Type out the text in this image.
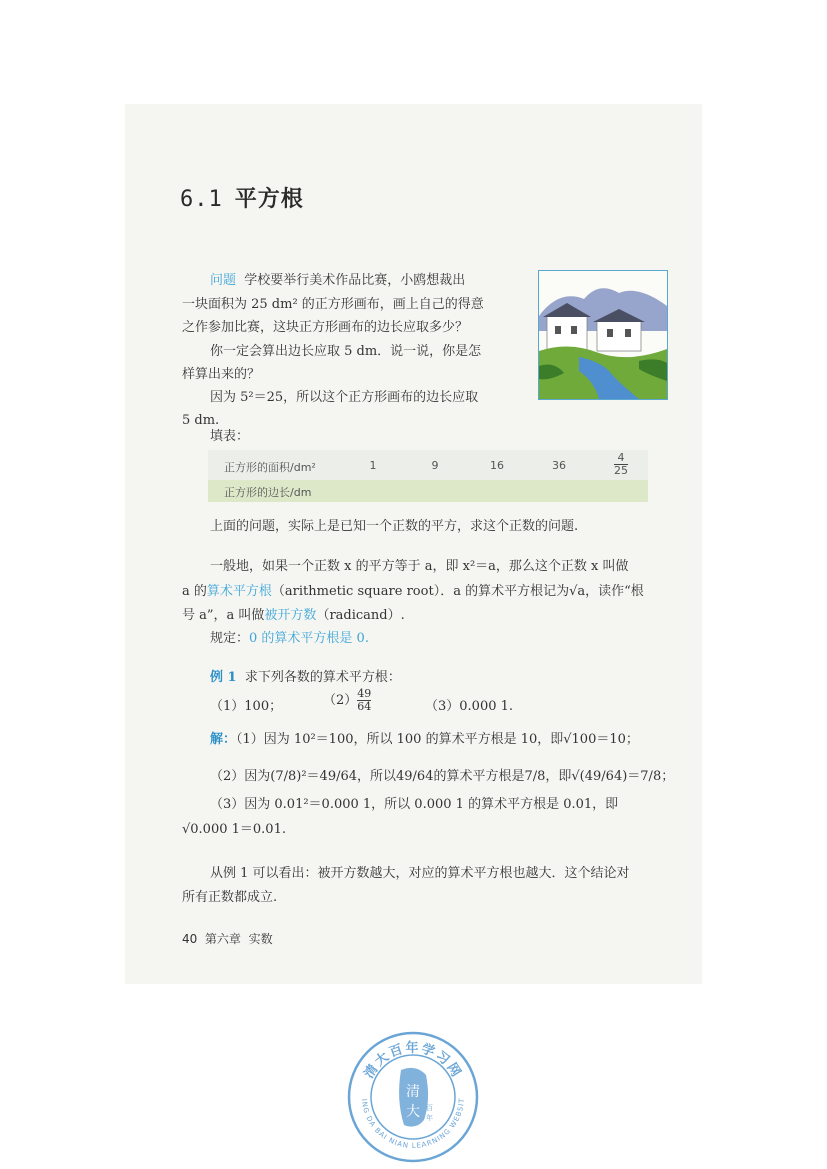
6.1 平方根
问题 学校要举行美术作品比赛，小鸥想裁出
一块面积为 25 dm² 的正方形画布，画上自己的得意
之作参加比赛，这块正方形画布的边长应取多少？
你一定会算出边长应取 5 dm．说一说，你是怎
样算出来的？
因为 5²＝25，所以这个正方形画布的边长应取
5 dm.
填表：
正方形的面积/dm²	1	9	16	36	$\frac{4}{25}$
正方形的边长/dm
上面的问题，实际上是已知一个正数的平方，求这个正数的问题.
一般地，如果一个正数 x 的平方等于 a，即 x²＝a，那么这个正数 x 叫做
a 的算术平方根（arithmetic square root）．a 的算术平方根记为√a，读作“根
号 a”，a 叫做被开方数（radicand）.
规定：0 的算术平方根是 0.
例 1 求下列各数的算术平方根：
（1）100；	$(2) \frac{49}{64}$	（3）0.000 1.
解：（1）因为 10²＝100，所以 100 的算术平方根是 10，即√100＝10；
（2）因为(7/8)²＝49/64，所以49/64的算术平方根是7/8，即√(49/64)＝7/8；
（3）因为 0.01²＝0.000 1，所以 0.000 1 的算术平方根是 0.01，即
√0.000 1＝0.01.
从例 1 可以看出：被开方数越大，对应的算术平方根也越大．这个结论对
所有正数都成立.
40 第六章 实数
清大百年学习网
ING DA BAI NIAN LEARNING WEBSIT
清
大 百
年
